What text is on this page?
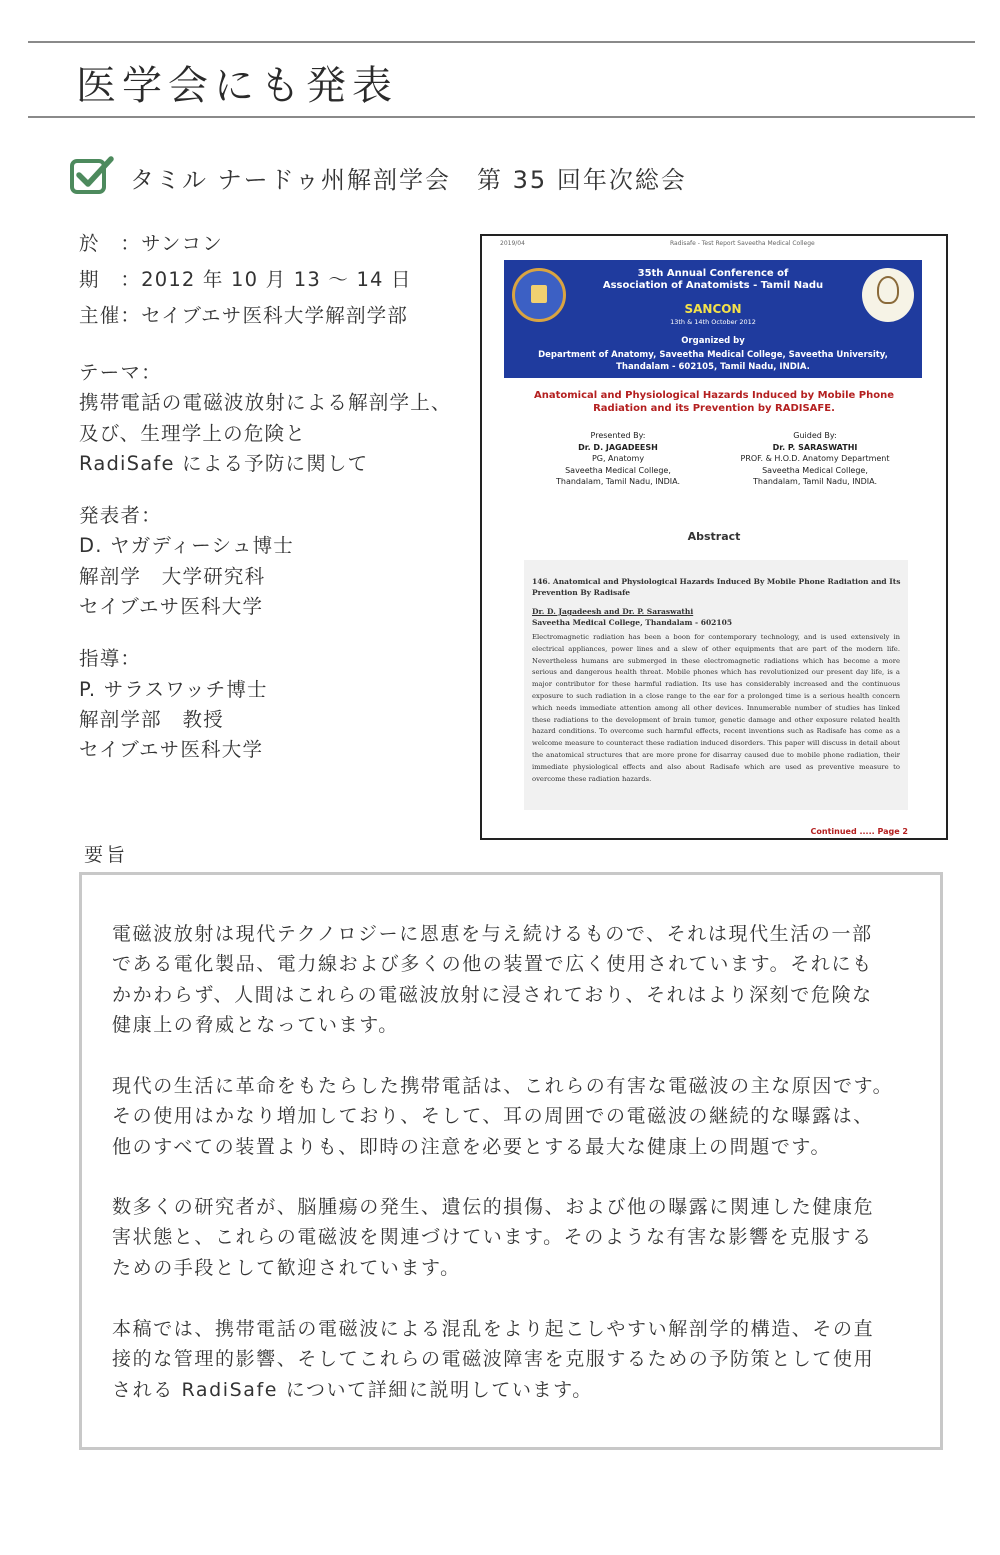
医学会にも発表
タミル ナードゥ州解剖学会　第 35 回年次総会
於　：サンコン
期　：2012 年 10 月 13 ～ 14 日
主催：セイブエサ医科大学解剖学部
テーマ：
携帯電話の電磁波放射による解剖学上、
及び、生理学上の危険と
RadiSafe による予防に関して
発表者：
D. ヤガディーシュ博士
解剖学　大学研究科
セイブエサ医科大学
指導：
P. サラスワッチ博士
解剖学部　教授
セイブエサ医科大学
2019/04	Radisafe - Test Report Saveetha Medical College
35th Annual Conference of
Association of Anatomists - Tamil Nadu
SANCON
13th & 14th October 2012
Organized by
Department of Anatomy, Saveetha Medical College, Saveetha University,
Thandalam - 602105, Tamil Nadu, INDIA.
Anatomical and Physiological Hazards Induced by Mobile Phone
Radiation and its Prevention by RADISAFE.
Presented By:
Dr. D. JAGADEESH
PG, Anatomy
Saveetha Medical College,
Thandalam, Tamil Nadu, INDIA.
Guided By:
Dr. P. SARASWATHI
PROF. & H.O.D. Anatomy Department
Saveetha Medical College,
Thandalam, Tamil Nadu, INDIA.
Abstract
146. Anatomical and Physiological Hazards Induced By Mobile Phone Radiation and Its Prevention By Radisafe
Dr. D. Jagadeesh and Dr. P. Saraswathi
Saveetha Medical College, Thandalam - 602105
Electromagnetic radiation has been a boon for contemporary technology, and is used extensively in electrical appliances, power lines and a slew of other equipments that are part of the modern life. Nevertheless humans are submerged in these electromagnetic radiations which has become a more serious and dangerous health threat. Mobile phones which has revolutionized our present day life, is a major contributor for these harmful radiation. Its use has considerably increased and the continuous exposure to such radiation in a close range to the ear for a prolonged time is a serious health concern which needs immediate attention among all other devices. Innumerable number of studies has linked these radiations to the development of brain tumor, genetic damage and other exposure related health hazard conditions. To overcome such harmful effects, recent inventions such as Radisafe has come as a welcome measure to counteract these radiation induced disorders. This paper will discuss in detail about the anatomical structures that are more prone for disarray caused due to mobile phone radiation, their immediate physiological effects and also about Radisafe which are used as preventive measure to overcome these radiation hazards.
Continued ..... Page 2
要旨
電磁波放射は現代テクノロジーに恩恵を与え続けるもので、それは現代生活の一部
である電化製品、電力線および多くの他の装置で広く使用されています。それにも
かかわらず、人間はこれらの電磁波放射に浸されており、それはより深刻で危険な
健康上の脅威となっています。
現代の生活に革命をもたらした携帯電話は、これらの有害な電磁波の主な原因です。
その使用はかなり増加しており、そして、耳の周囲での電磁波の継続的な曝露は、
他のすべての装置よりも、即時の注意を必要とする最大な健康上の問題です。
数多くの研究者が、脳腫瘍の発生、遺伝的損傷、および他の曝露に関連した健康危
害状態と、これらの電磁波を関連づけています。そのような有害な影響を克服する
ための手段として歓迎されています。
本稿では、携帯電話の電磁波による混乱をより起こしやすい解剖学的構造、その直
接的な管理的影響、そしてこれらの電磁波障害を克服するための予防策として使用
される RadiSafe について詳細に説明しています。
